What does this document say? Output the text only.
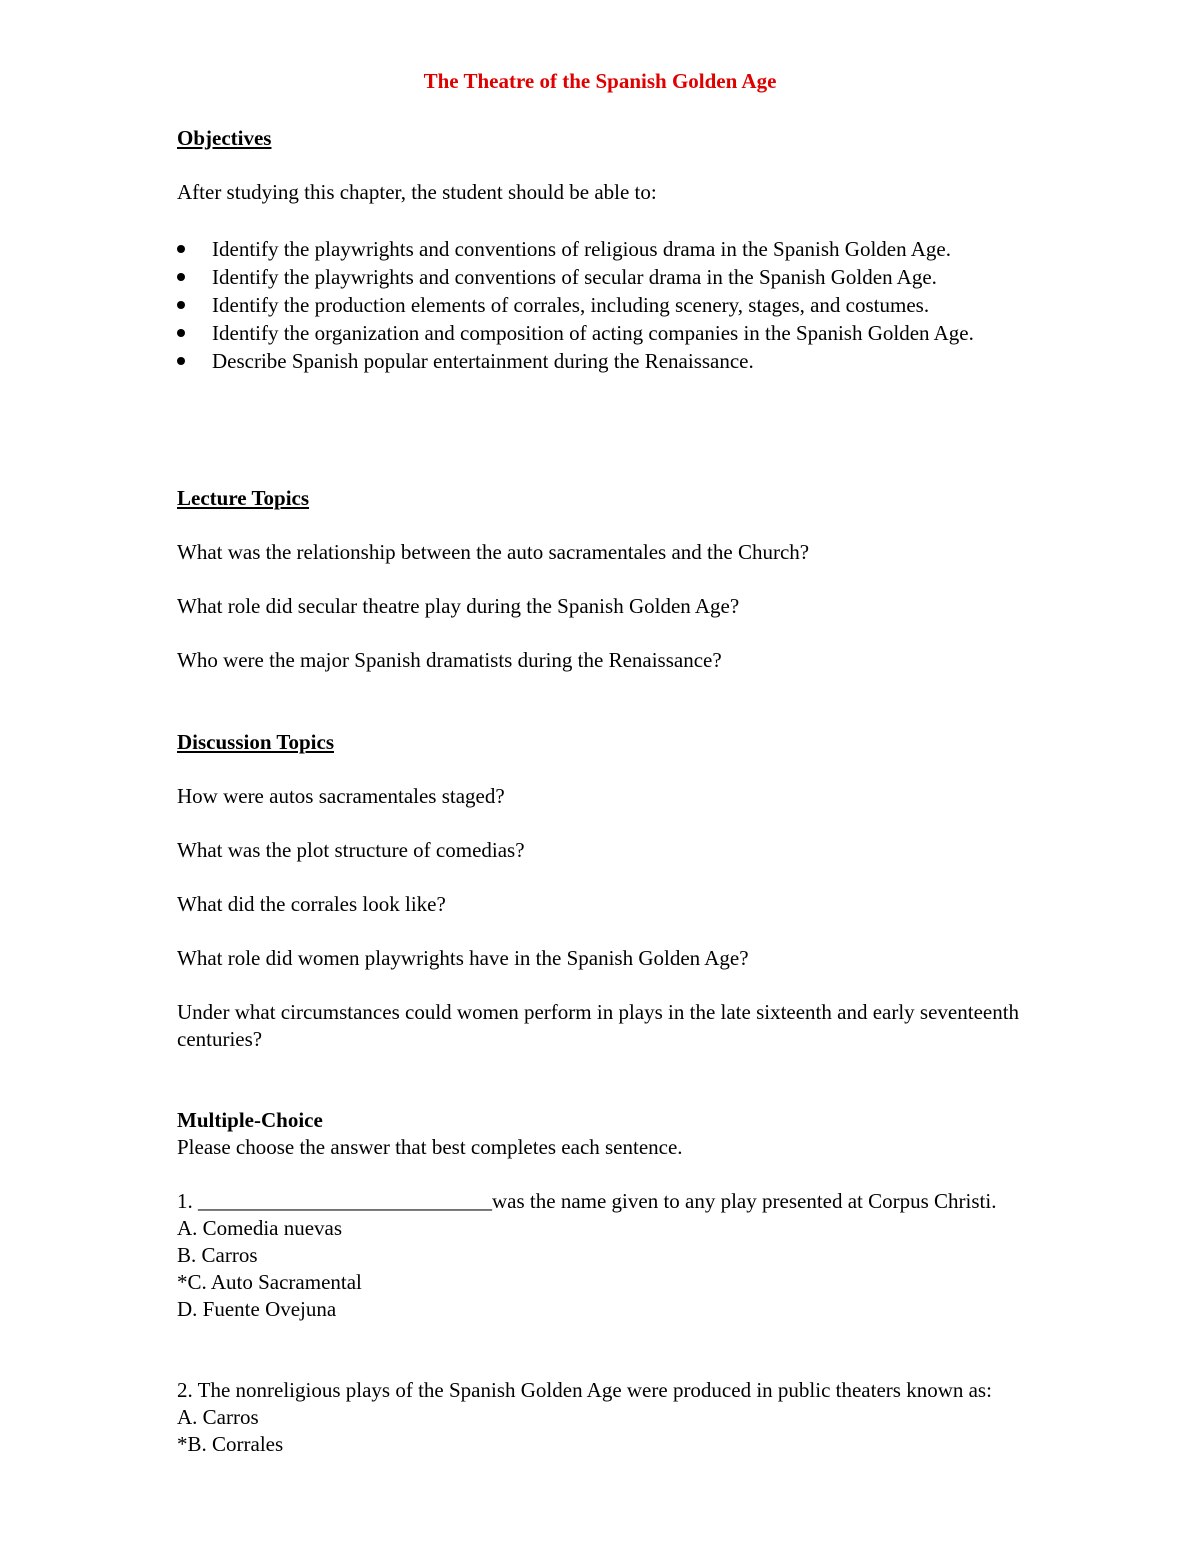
The Theatre of the Spanish Golden Age
Objectives
After studying this chapter, the student should be able to:
Identify the playwrights and conventions of religious drama in the Spanish Golden Age.
Identify the playwrights and conventions of secular drama in the Spanish Golden Age.
Identify the production elements of corrales, including scenery, stages, and costumes.
Identify the organization and composition of acting companies in the Spanish Golden Age.
Describe Spanish popular entertainment during the Renaissance.
Lecture Topics
What was the relationship between the auto sacramentales and the Church?
What role did secular theatre play during the Spanish Golden Age?
Who were the major Spanish dramatists during the Renaissance?
Discussion Topics
How were autos sacramentales staged?
What was the plot structure of comedias?
What did the corrales look like?
What role did women playwrights have in the Spanish Golden Age?
Under what circumstances could women perform in plays in the late sixteenth and early seventeenth centuries?
Multiple-Choice
Please choose the answer that best completes each sentence.
1. ____________________________was the name given to any play presented at Corpus Christi.
A. Comedia nuevas
B. Carros
*C. Auto Sacramental
D. Fuente Ovejuna
2. The nonreligious plays of the Spanish Golden Age were produced in public theaters known as:
A. Carros
*B. Corrales
